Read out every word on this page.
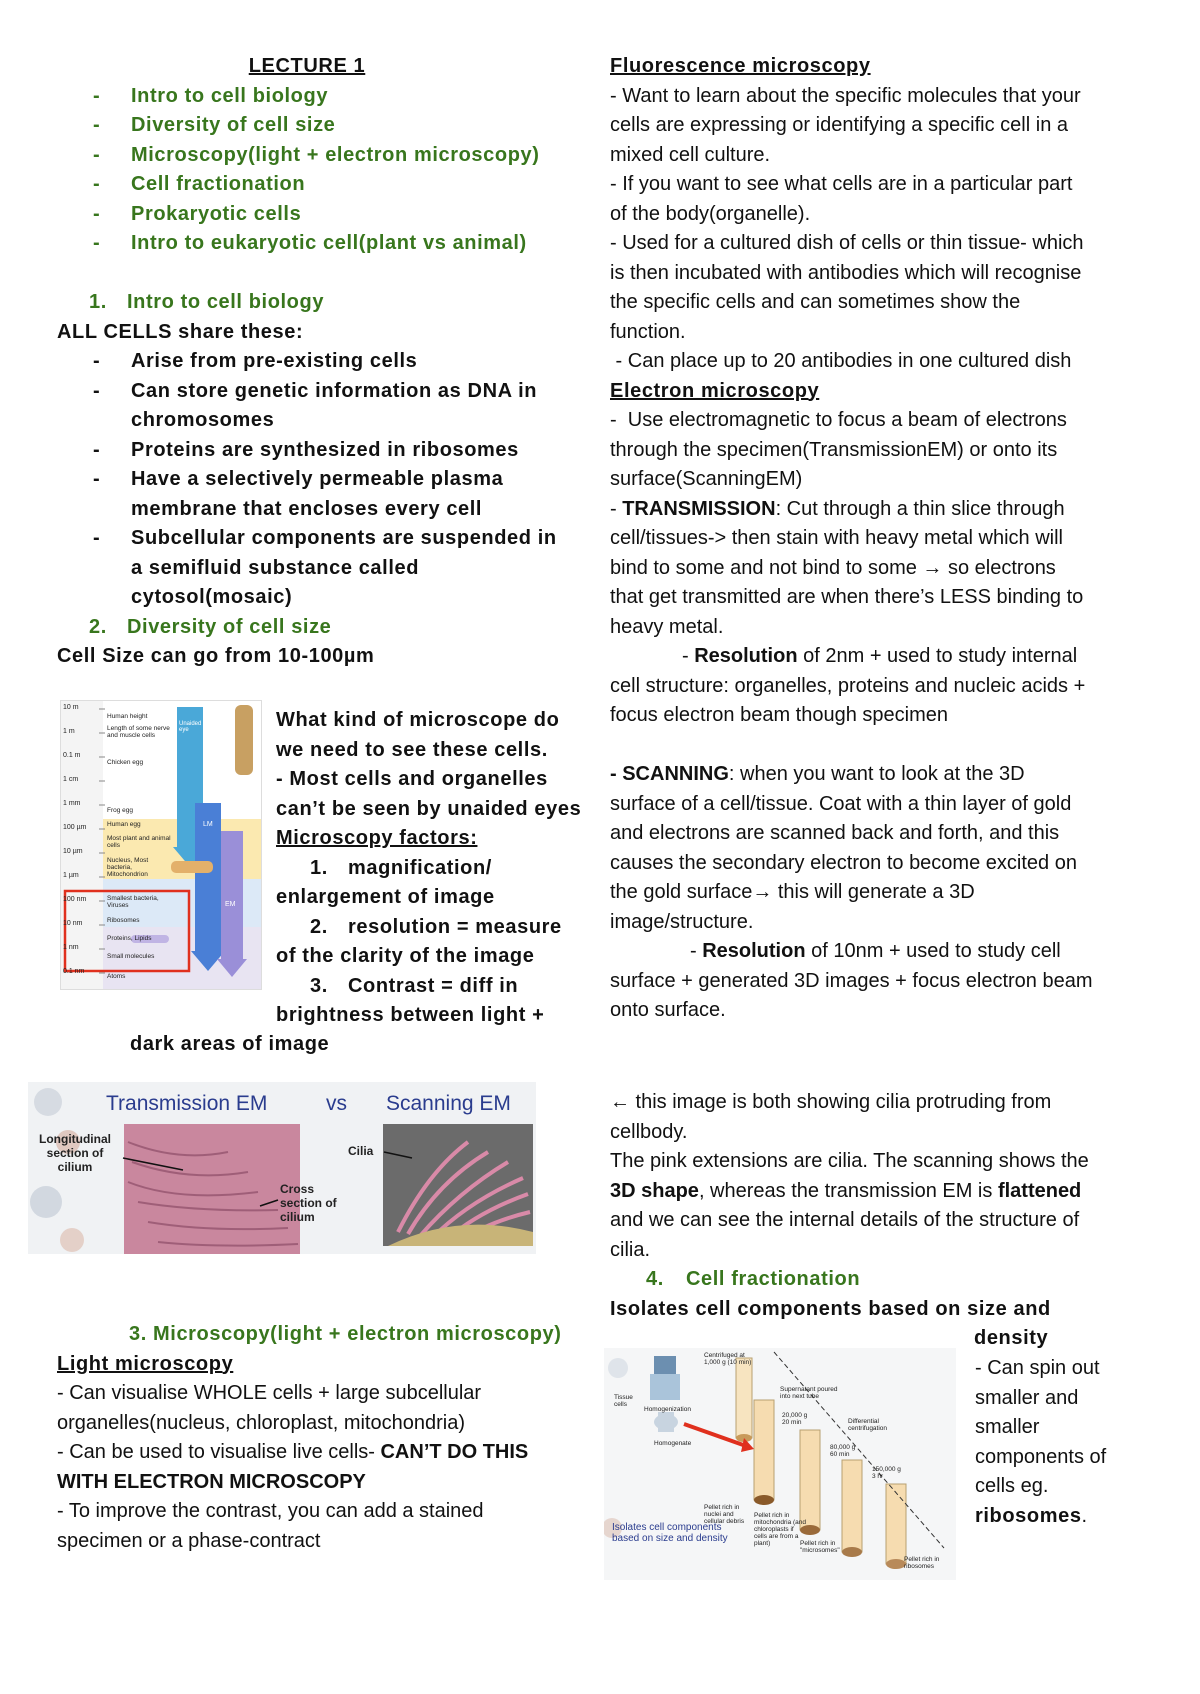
LECTURE 1
- Intro to cell biology
- Diversity of cell size
- Microscopy(light + electron microscopy)
- Cell fractionation
- Prokaryotic cells
- Intro to eukaryotic cell(plant vs animal)

1. Intro to cell biology
ALL CELLS share these:
- Arise from pre-existing cells
- Can store genetic information as DNA in
chromosomes
- Proteins are synthesized in ribosomes
- Have a selectively permeable plasma
membrane that encloses every cell
- Subcellular components are suspended in
a semifluid substance called
cytosol(mosaic)
2. Diversity of cell size
Cell Size can go from 10-100µm
10 m
1 m
0.1 m
1 cm
1 mm
100 µm
10 µm
1 µm
100 nm
10 nm
1 nm
0.1 nm
Human height
Length of some nerve and muscle cells
Chicken egg
Frog egg
Human egg
Most plant and animal cells
Nucleus, Most bacteria, Mitochondrion
Smallest bacteria, Viruses
Ribosomes
Proteins, Lipids
Small molecules
Atoms
Unaided eye
LM
EM
What kind of microscope do
we need to see these cells.
- Most cells and organelles
can’t be seen by unaided eyes
Microscopy factors:
1. magnification/
enlargement of image
2. resolution = measure
of the clarity of the image
3. Contrast = diff in
brightness between light +
dark areas of image
Transmission EM	vs Scanning EM
Longitudinal section of cilium
Cross section of cilium
Cilia
3. Microscopy(light + electron microscopy)
Light microscopy
- Can visualise WHOLE cells + large subcellular
organelles(nucleus, chloroplast, mitochondria)
- Can be used to visualise live cells- CAN’T DO THIS
WITH ELECTRON MICROSCOPY
- To improve the contrast, you can add a stained
specimen or a phase-contract
Fluorescence microscopy
- Want to learn about the specific molecules that your
cells are expressing or identifying a specific cell in a
mixed cell culture.
- If you want to see what cells are in a particular part
of the body(organelle).
- Used for a cultured dish of cells or thin tissue- which
is then incubated with antibodies which will recognise
the specific cells and can sometimes show the
function.
- Can place up to 20 antibodies in one cultured dish
Electron microscopy
-  Use electromagnetic to focus a beam of electrons
through the specimen(TransmissionEM) or onto its
surface(ScanningEM)
- TRANSMISSION: Cut through a thin slice through
cell/tissues-> then stain with heavy metal which will
bind to some and not bind to some → so electrons
that get transmitted are when there’s LESS binding to
heavy metal.
- Resolution of 2nm + used to study internal
cell structure: organelles, proteins and nucleic acids +
focus electron beam though specimen

- SCANNING: when you want to look at the 3D
surface of a cell/tissue. Coat with a thin layer of gold
and electrons are scanned back and forth, and this
causes the secondary electron to become excited on
the gold surface→ this will generate a 3D
image/structure.
- Resolution of 10nm + used to study cell
surface + generated 3D images + focus electron beam
onto surface.
← this image is both showing cilia protruding from
cellbody.
The pink extensions are cilia. The scanning shows the
3D shape, whereas the transmission EM is flattened
and we can see the internal details of the structure of
cilia.
4. Cell fractionation
Isolates cell components based on size and
density
Homogenization
Tissue cells
Homogenate
Centrifuged at 1,000 g (10 min)
Differential centrifugation
Supernatant poured into next tube
20,000 g 20 min
80,000 g 60 min
150,000 g 3 hr
Pellet rich in nuclei and cellular debris
Pellet rich in mitochondria (and chloroplasts if cells are from a plant)	Pellet rich in "microsomes"
Pellet rich in ribosomes
Isolates cell components based on size and density
- Can spin out
smaller and
smaller
components of
cells eg.
ribosomes.
